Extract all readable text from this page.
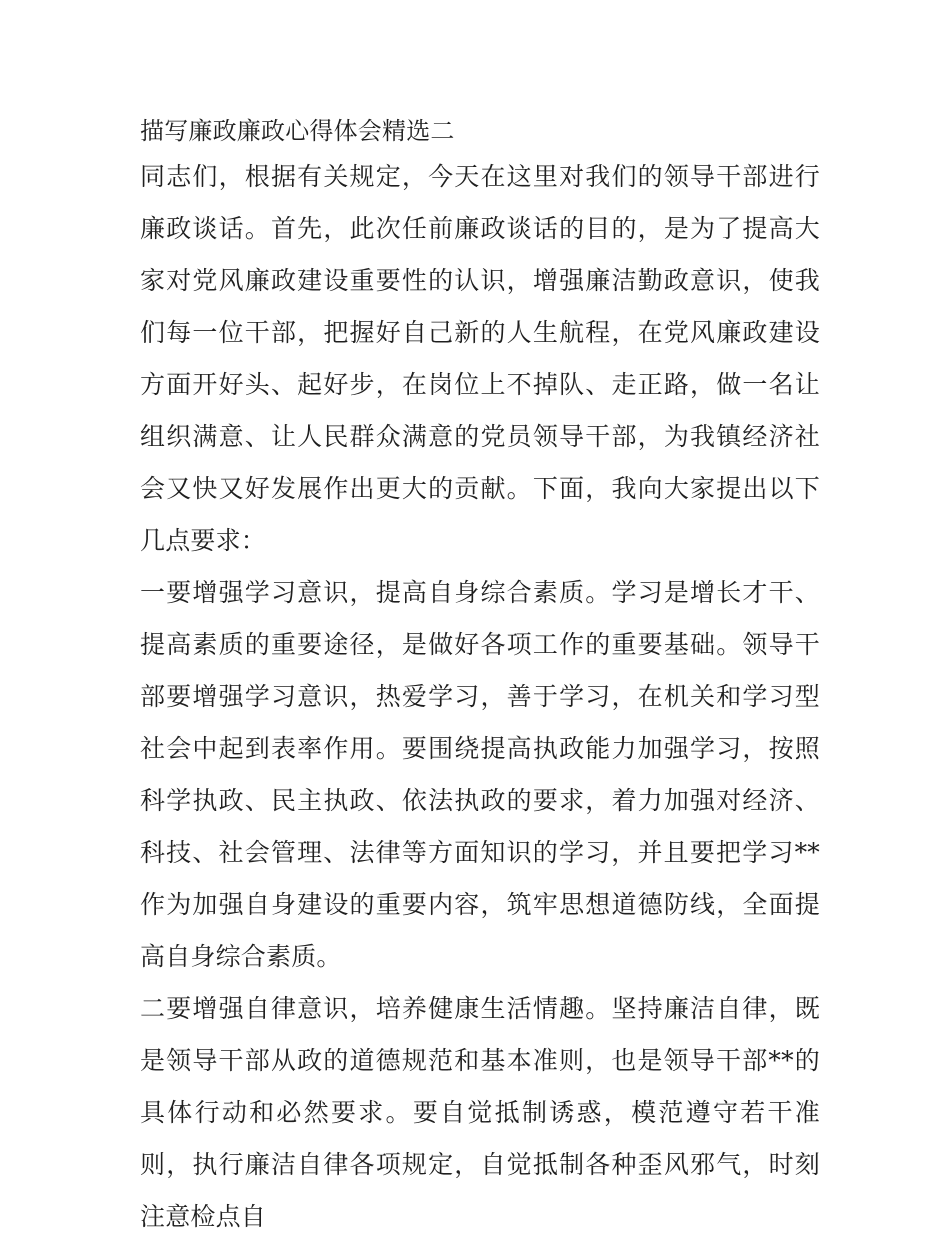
描写廉政廉政心得体会精选二

同志们，根据有关规定，今天在这里对我们的领导干部进行廉政谈话。首先，此次任前廉政谈话的目的，是为了提高大家对党风廉政建设重要性的认识，增强廉洁勤政意识，使我们每一位干部，把握好自己新的人生航程，在党风廉政建设方面开好头、起好步，在岗位上不掉队、走正路，做一名让组织满意、让人民群众满意的党员领导干部，为我镇经济社会又快又好发展作出更大的贡献。下面，我向大家提出以下几点要求：

一要增强学习意识，提高自身综合素质。学习是增长才干、提高素质的重要途径，是做好各项工作的重要基础。领导干部要增强学习意识，热爱学习，善于学习，在机关和学习型社会中起到表率作用。要围绕提高执政能力加强学习，按照科学执政、民主执政、依法执政的要求，着力加强对经济、科技、社会管理、法律等方面知识的学习，并且要把学习**作为加强自身建设的重要内容，筑牢思想道德防线，全面提高自身综合素质。

二要增强自律意识，培养健康生活情趣。坚持廉洁自律，既是领导干部从政的道德规范和基本准则，也是领导干部**的具体行动和必然要求。要自觉抵制诱惑，模范遵守若干准则，执行廉洁自律各项规定，自觉抵制各种歪风邪气，时刻注意检点自
